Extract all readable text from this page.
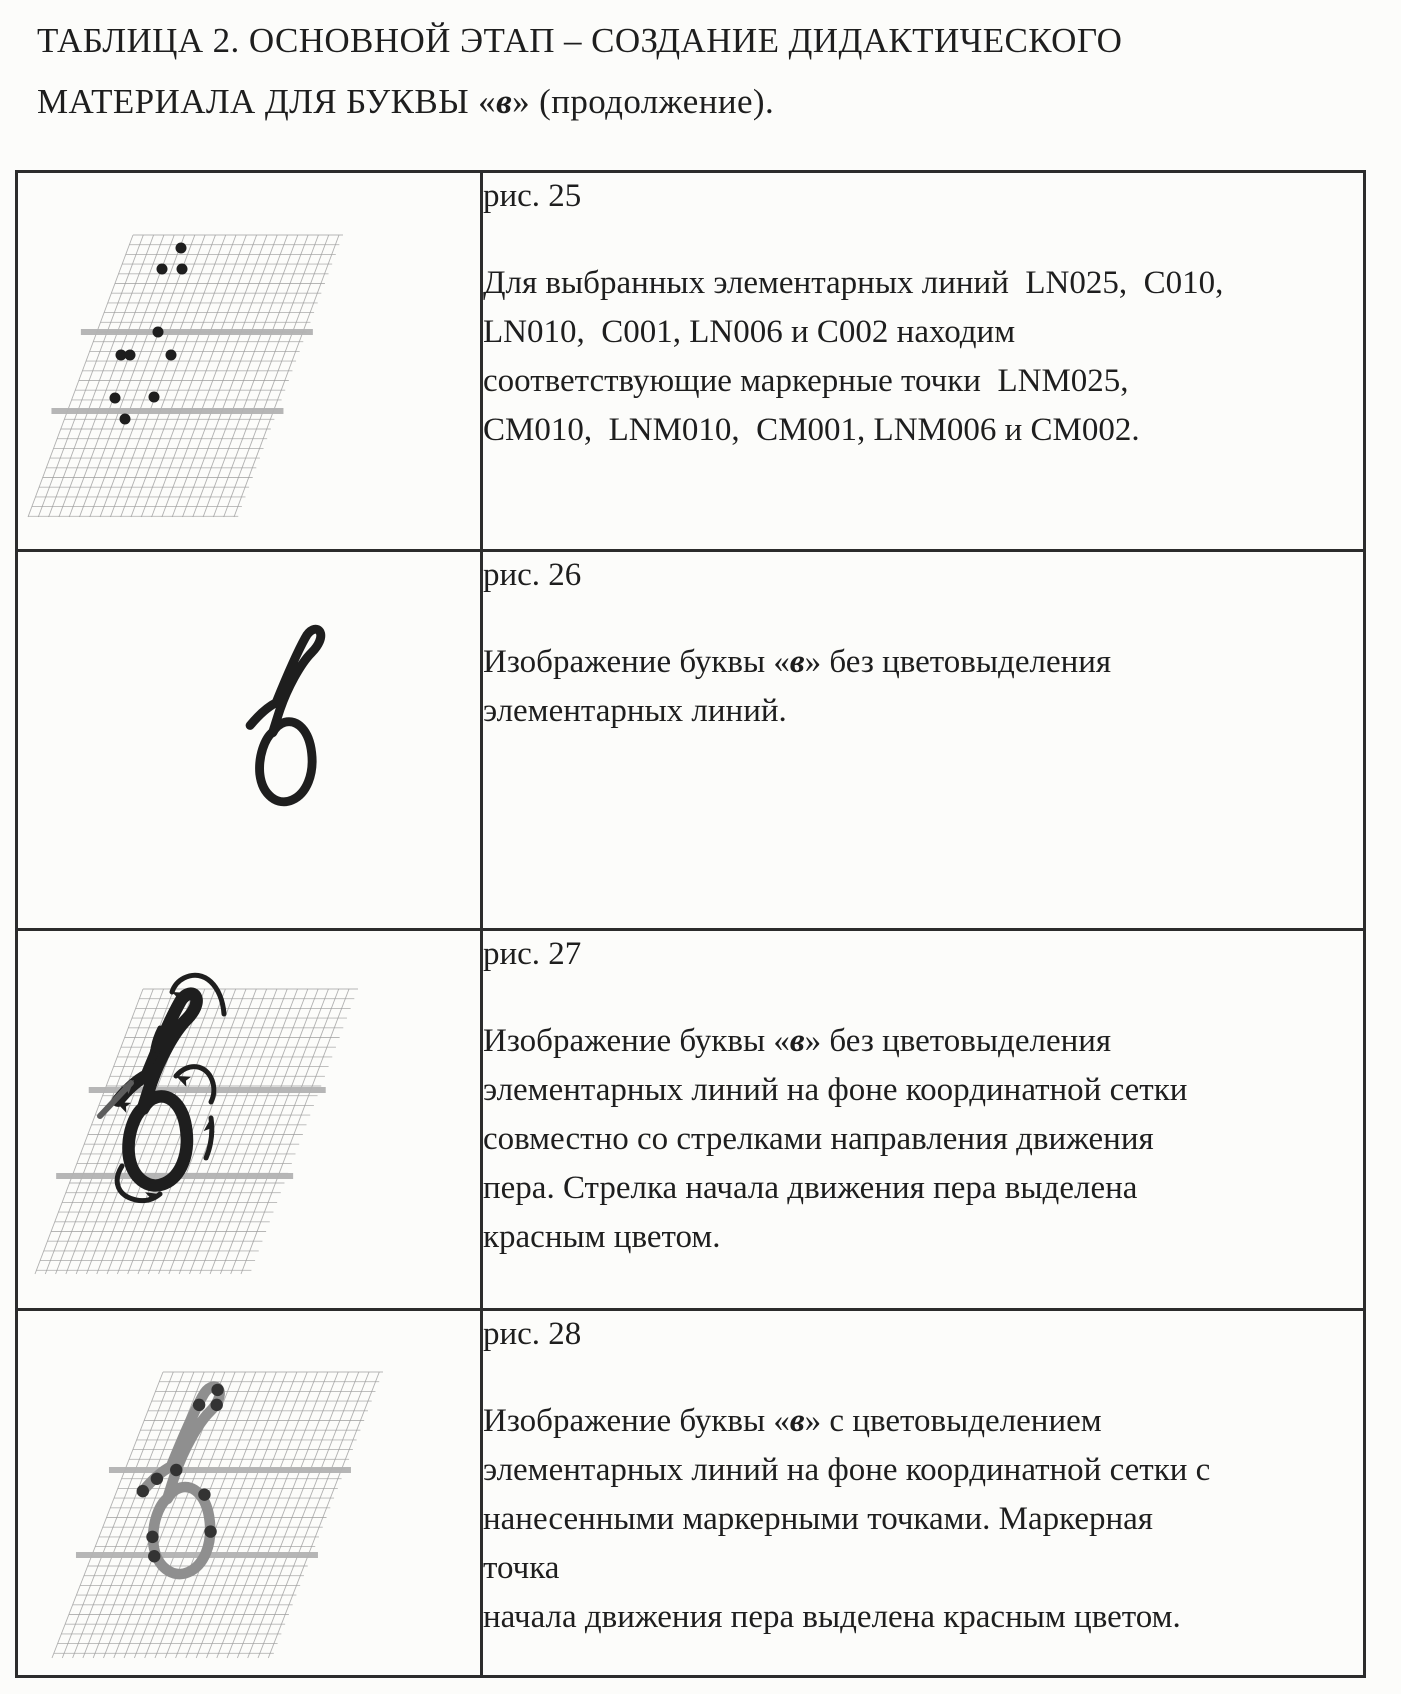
ТАБЛИЦА 2. ОСНОВНОЙ ЭТАП – СОЗДАНИЕ ДИДАКТИЧЕСКОГО
МАТЕРИАЛА ДЛЯ БУКВЫ «в» (продолжение).

рис. 25

Для выбранных элементарных линий  LN025,  C010,
LN010,  C001, LN006 и C002 находим
соответствующие маркерные точки  LNM025,
CM010,  LNM010,  CM001, LNM006 и CM002.

рис. 26

Изображение буквы «в» без цветовыделения
элементарных линий.

рис. 27

Изображение буквы «в» без цветовыделения
элементарных линий на фоне координатной сетки
совместно со стрелками направления движения
пера. Стрелка начала движения пера выделена
красным цветом.

рис. 28

Изображение буквы «в» с цветовыделением
элементарных линий на фоне координатной сетки с
нанесенными маркерными точками. Маркерная
точка
начала движения пера выделена красным цветом.
